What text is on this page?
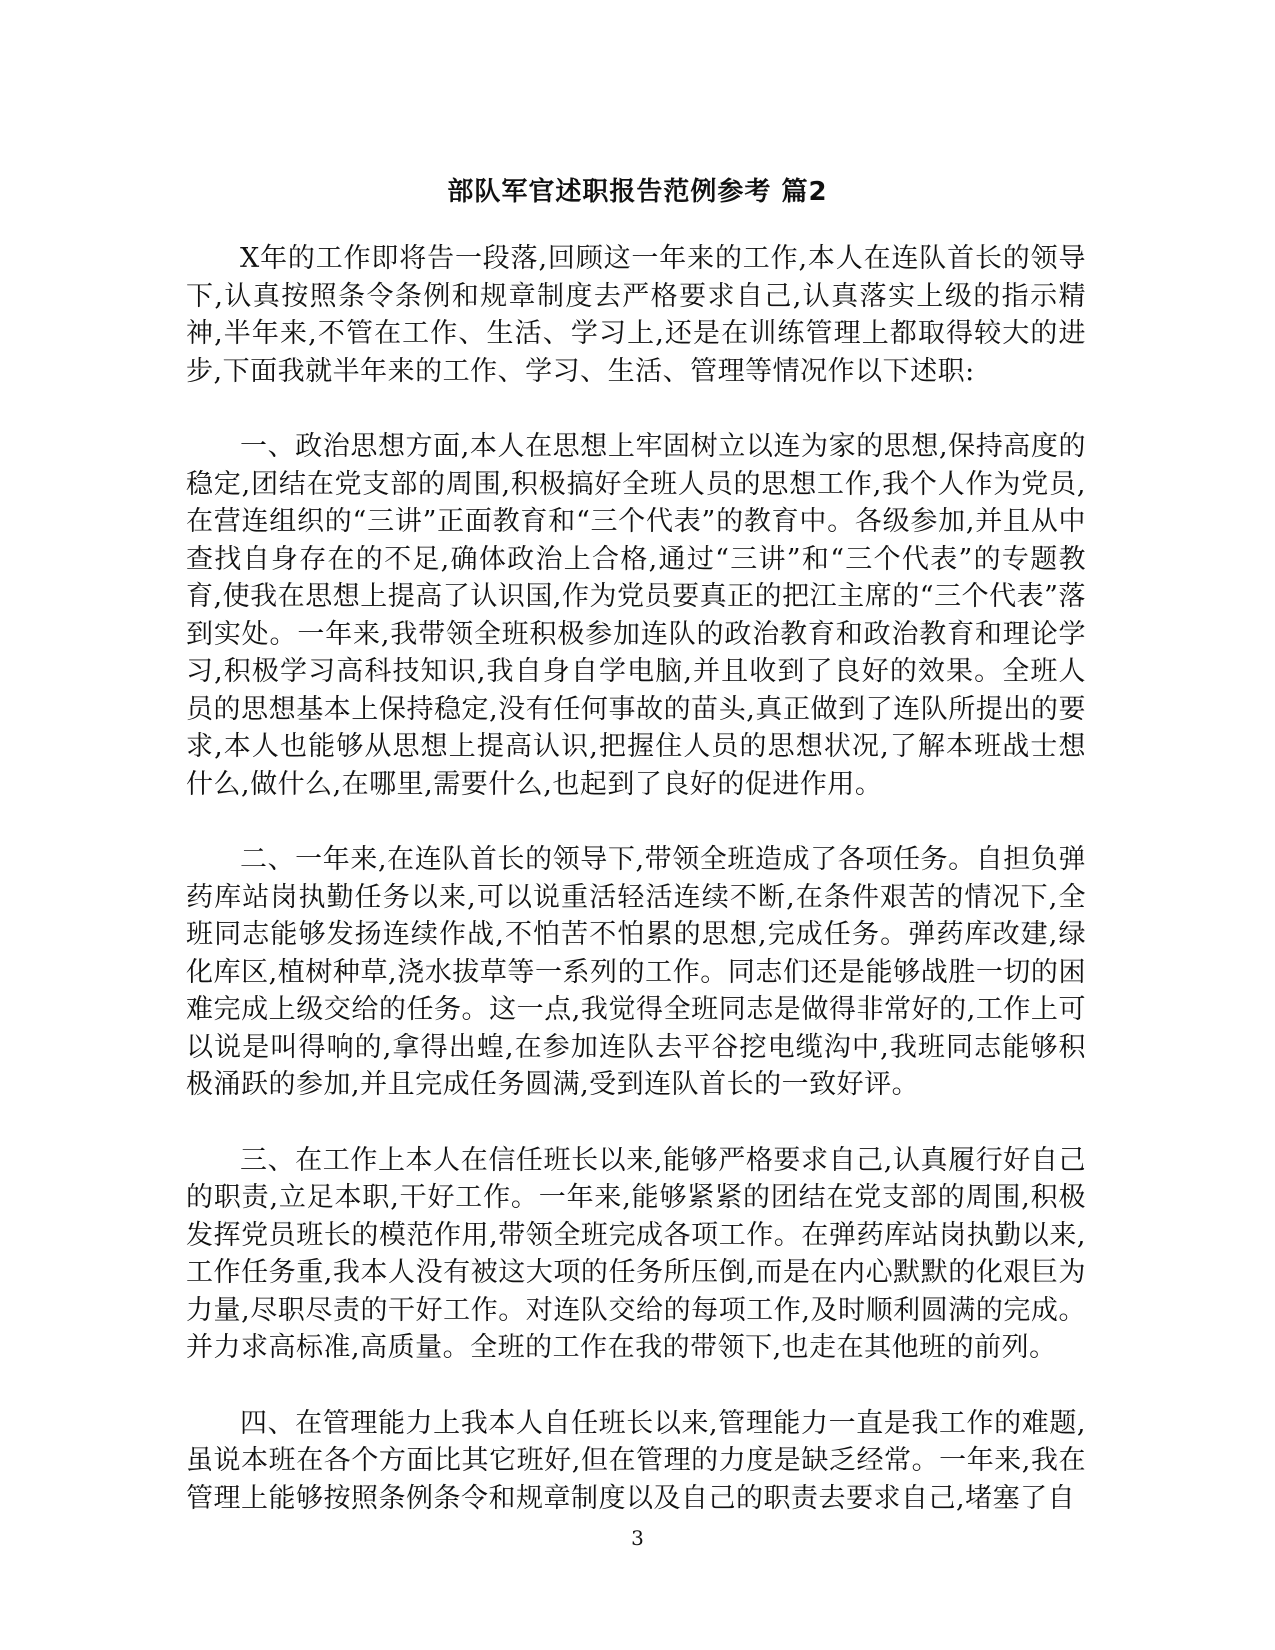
部队军官述职报告范例参考 篇2

X年的工作即将告一段落,回顾这一年来的工作,本人在连队首长的领导下,认真按照条令条例和规章制度去严格要求自己,认真落实上级的指示精神,半年来,不管在工作、生活、学习上,还是在训练管理上都取得较大的进步,下面我就半年来的工作、学习、生活、管理等情况作以下述职:

一、政治思想方面,本人在思想上牢固树立以连为家的思想,保持高度的稳定,团结在党支部的周围,积极搞好全班人员的思想工作,我个人作为党员,在营连组织的“三讲”正面教育和“三个代表”的教育中。各级参加,并且从中查找自身存在的不足,确体政治上合格,通过“三讲”和“三个代表”的专题教育,使我在思想上提高了认识国,作为党员要真正的把江主席的“三个代表”落到实处。一年来,我带领全班积极参加连队的政治教育和政治教育和理论学习,积极学习高科技知识,我自身自学电脑,并且收到了良好的效果。全班人员的思想基本上保持稳定,没有任何事故的苗头,真正做到了连队所提出的要求,本人也能够从思想上提高认识,把握住人员的思想状况,了解本班战士想什么,做什么,在哪里,需要什么,也起到了良好的促进作用。

二、一年来,在连队首长的领导下,带领全班造成了各项任务。自担负弹药库站岗执勤任务以来,可以说重活轻活连续不断,在条件艰苦的情况下,全班同志能够发扬连续作战,不怕苦不怕累的思想,完成任务。弹药库改建,绿化库区,植树种草,浇水拔草等一系列的工作。同志们还是能够战胜一切的困难完成上级交给的任务。这一点,我觉得全班同志是做得非常好的,工作上可以说是叫得响的,拿得出蝗,在参加连队去平谷挖电缆沟中,我班同志能够积极涌跃的参加,并且完成任务圆满,受到连队首长的一致好评。

三、在工作上本人在信任班长以来,能够严格要求自己,认真履行好自己的职责,立足本职,干好工作。一年来,能够紧紧的团结在党支部的周围,积极发挥党员班长的模范作用,带领全班完成各项工作。在弹药库站岗执勤以来,工作任务重,我本人没有被这大项的任务所压倒,而是在内心默默的化艰巨为力量,尽职尽责的干好工作。对连队交给的每项工作,及时顺利圆满的完成。并力求高标准,高质量。全班的工作在我的带领下,也走在其他班的前列。

四、在管理能力上我本人自任班长以来,管理能力一直是我工作的难题,虽说本班在各个方面比其它班好,但在管理的力度是缺乏经常。一年来,我在管理上能够按照条例条令和规章制度以及自己的职责去要求自己,堵塞了自

3
